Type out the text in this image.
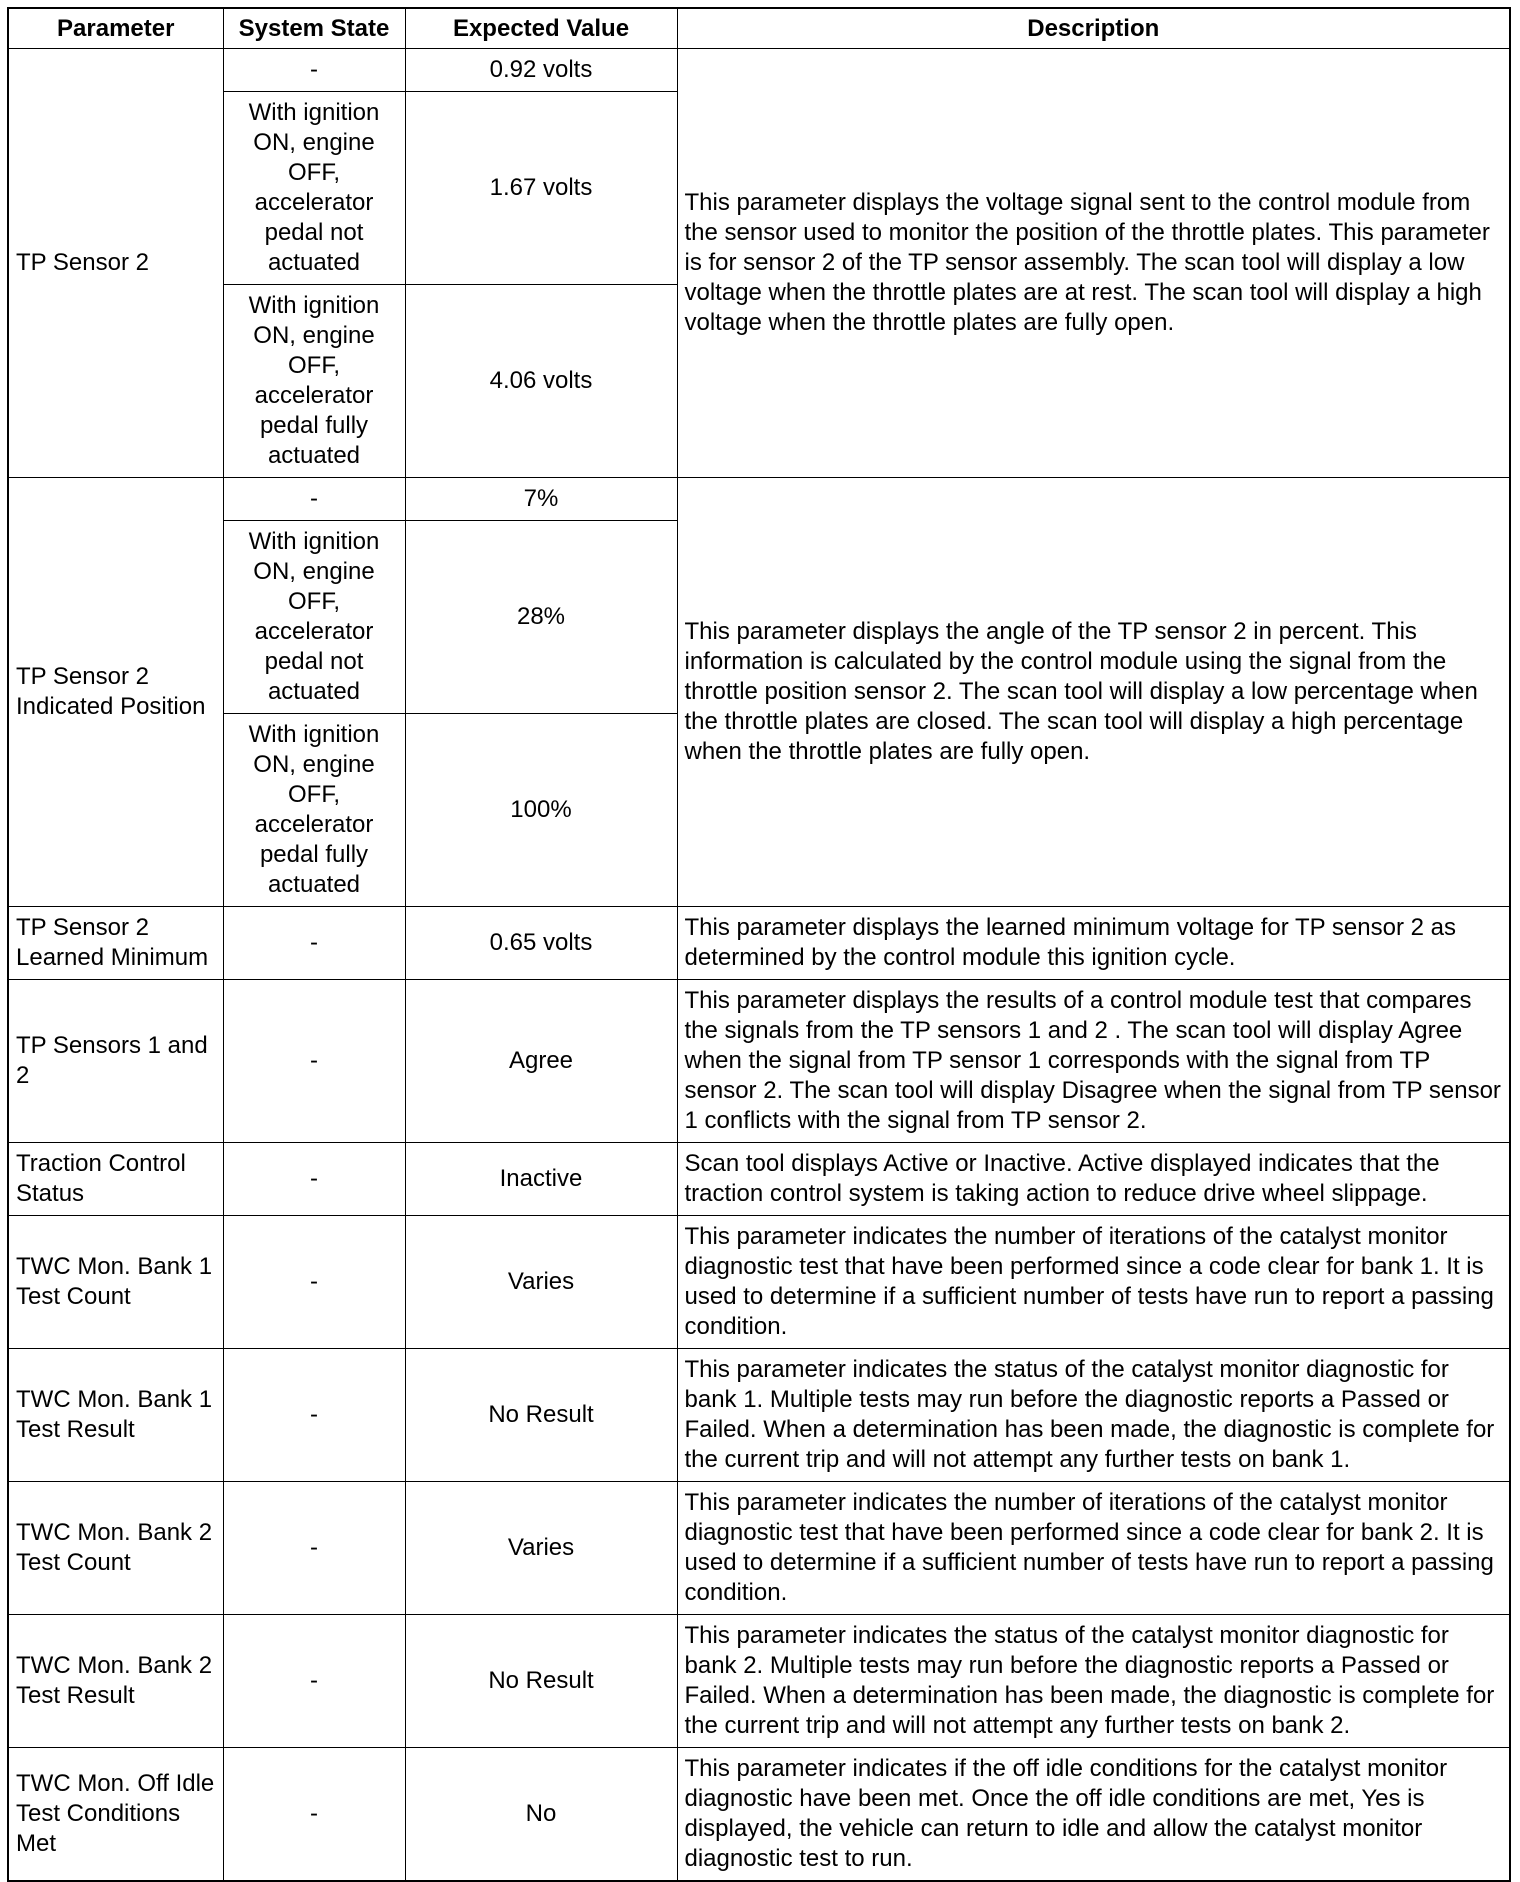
Parameter	System State	Expected Value	Description
TP Sensor 2	-	0.92 volts	This parameter displays the voltage signal sent to the control module from the sensor used to monitor the position of the throttle plates. This parameter is for sensor 2 of the TP sensor assembly. The scan tool will display a low voltage when the throttle plates are at rest. The scan tool will display a high voltage when the throttle plates are fully open.
	With ignition ON, engine OFF, accelerator pedal not actuated	1.67 volts	
	With ignition ON, engine OFF, accelerator pedal fully actuated	4.06 volts	
TP Sensor 2 Indicated Position	-	7%	This parameter displays the angle of the TP sensor 2 in percent. This information is calculated by the control module using the signal from the throttle position sensor 2. The scan tool will display a low percentage when the throttle plates are closed. The scan tool will display a high percentage when the throttle plates are fully open.
	With ignition ON, engine OFF, accelerator pedal not actuated	28%	
	With ignition ON, engine OFF, accelerator pedal fully actuated	100%	
TP Sensor 2 Learned Minimum	-	0.65 volts	This parameter displays the learned minimum voltage for TP sensor 2 as determined by the control module this ignition cycle.
TP Sensors 1 and 2	-	Agree	This parameter displays the results of a control module test that compares the signals from the TP sensors 1 and 2 . The scan tool will display Agree when the signal from TP sensor 1 corresponds with the signal from TP sensor 2. The scan tool will display Disagree when the signal from TP sensor 1 conflicts with the signal from TP sensor 2.
Traction Control Status	-	Inactive	Scan tool displays Active or Inactive. Active displayed indicates that the traction control system is taking action to reduce drive wheel slippage.
TWC Mon. Bank 1 Test Count	-	Varies	This parameter indicates the number of iterations of the catalyst monitor diagnostic test that have been performed since a code clear for bank 1. It is used to determine if a sufficient number of tests have run to report a passing condition.
TWC Mon. Bank 1 Test Result	-	No Result	This parameter indicates the status of the catalyst monitor diagnostic for bank 1. Multiple tests may run before the diagnostic reports a Passed or Failed. When a determination has been made, the diagnostic is complete for the current trip and will not attempt any further tests on bank 1.
TWC Mon. Bank 2 Test Count	-	Varies	This parameter indicates the number of iterations of the catalyst monitor diagnostic test that have been performed since a code clear for bank 2. It is used to determine if a sufficient number of tests have run to report a passing condition.
TWC Mon. Bank 2 Test Result	-	No Result	This parameter indicates the status of the catalyst monitor diagnostic for bank 2. Multiple tests may run before the diagnostic reports a Passed or Failed. When a determination has been made, the diagnostic is complete for the current trip and will not attempt any further tests on bank 2.
TWC Mon. Off Idle Test Conditions Met	-	No	This parameter indicates if the off idle conditions for the catalyst monitor diagnostic have been met. Once the off idle conditions are met, Yes is displayed, the vehicle can return to idle and allow the catalyst monitor diagnostic test to run.
